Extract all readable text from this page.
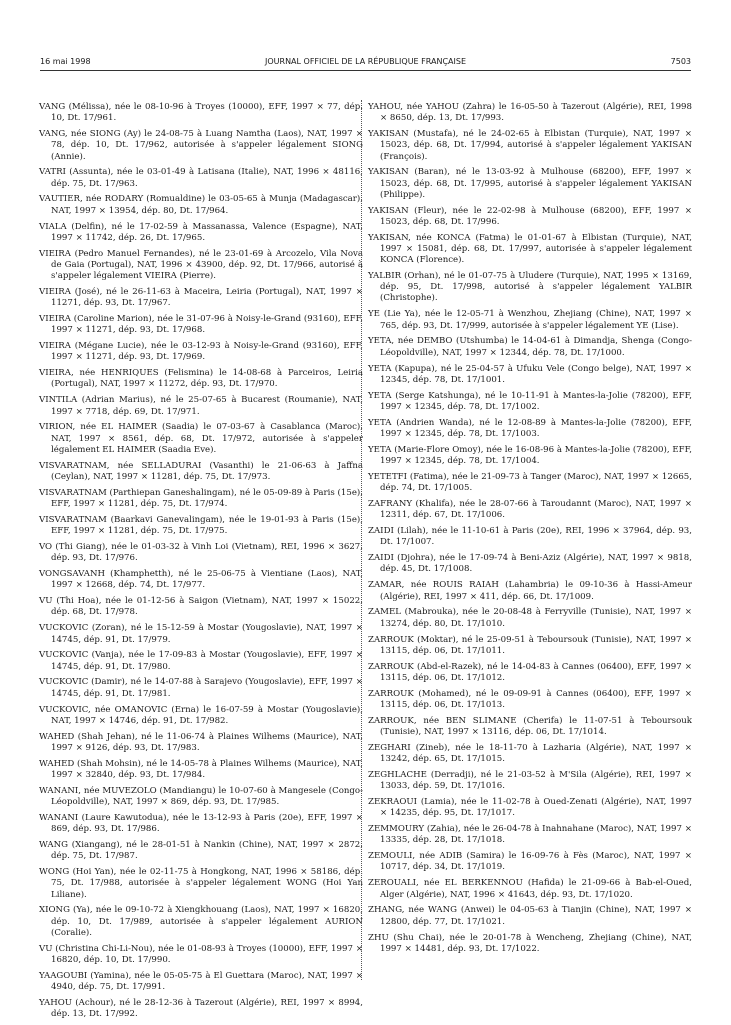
16 mai 1998	JOURNAL OFFICIEL DE LA RÉPUBLIQUE FRANÇAISE	7503

VANG (Mélissa), née le 08-10-96 à Troyes (10000), EFF, 1997 × 77, dép. 10, Dt. 17/961.

VANG, née SIONG (Ay) le 24-08-75 à Luang Namtha (Laos), NAT, 1997 × 78, dép. 10, Dt. 17/962, autorisée à s'appeler légalement SIONG (Annie).

VATRI (Assunta), née le 03-01-49 à Latisana (Italie), NAT, 1996 × 48116, dép. 75, Dt. 17/963.

VAUTIER, née RODARY (Romualdine) le 03-05-65 à Munja (Madagascar), NAT, 1997 × 13954, dép. 80, Dt. 17/964.

VIALA (Delfin), né le 17-02-59 à Massanassa, Valence (Espagne), NAT, 1997 × 11742, dép. 26, Dt. 17/965.

VIEIRA (Pedro Manuel Fernandes), né le 23-01-69 à Arcozelo, Vila Nova de Gaia (Portugal), NAT, 1996 × 43900, dép. 92, Dt. 17/966, autorisé à s'appeler légalement VIEIRA (Pierre).

VIEIRA (José), né le 26-11-63 à Maceira, Leiria (Portugal), NAT, 1997 × 11271, dép. 93, Dt. 17/967.

VIEIRA (Caroline Marion), née le 31-07-96 à Noisy-le-Grand (93160), EFF, 1997 × 11271, dép. 93, Dt. 17/968.

VIEIRA (Mégane Lucie), née le 03-12-93 à Noisy-le-Grand (93160), EFF, 1997 × 11271, dép. 93, Dt. 17/969.

VIEIRA, née HENRIQUES (Felismina) le 14-08-68 à Parceiros, Leiria (Portugal), NAT, 1997 × 11272, dép. 93, Dt. 17/970.

VINTILA (Adrian Marius), né le 25-07-65 à Bucarest (Roumanie), NAT, 1997 × 7718, dép. 69, Dt. 17/971.

VIRION, née EL HAIMER (Saadia) le 07-03-67 à Casablanca (Maroc), NAT, 1997 × 8561, dép. 68, Dt. 17/972, autorisée à s'appeler légalement EL HAIMER (Saadia Eve).

VISVARATNAM, née SELLADURAI (Vasanthi) le 21-06-63 à Jaffna (Ceylan), NAT, 1997 × 11281, dép. 75, Dt. 17/973.

VISVARATNAM (Parthiepan Ganeshalingam), né le 05-09-89 à Paris (15e), EFF, 1997 × 11281, dép. 75, Dt. 17/974.

VISVARATNAM (Baarkavi Ganevalingam), née le 19-01-93 à Paris (15e), EFF, 1997 × 11281, dép. 75, Dt. 17/975.

VO (Thi Giang), née le 01-03-32 à Vinh Loi (Vietnam), REI, 1996 × 3627, dép. 93, Dt. 17/976.

VONGSAVANH (Khamphetth), né le 25-06-75 à Vientiane (Laos), NAT, 1997 × 12668, dép. 74, Dt. 17/977.

VU (Thi Hoa), née le 01-12-56 à Saigon (Vietnam), NAT, 1997 × 15022, dép. 68, Dt. 17/978.

VUCKOVIC (Zoran), né le 15-12-59 à Mostar (Yougoslavie), NAT, 1997 × 14745, dép. 91, Dt. 17/979.

VUCKOVIC (Vanja), née le 17-09-83 à Mostar (Yougoslavie), EFF, 1997 × 14745, dép. 91, Dt. 17/980.

VUCKOVIC (Damir), né le 14-07-88 à Sarajevo (Yougoslavie), EFF, 1997 × 14745, dép. 91, Dt. 17/981.

VUCKOVIC, née OMANOVIC (Erna) le 16-07-59 à Mostar (Yougoslavie), NAT, 1997 × 14746, dép. 91, Dt. 17/982.

WAHED (Shah Jehan), né le 11-06-74 à Plaines Wilhems (Maurice), NAT, 1997 × 9126, dép. 93, Dt. 17/983.

WAHED (Shah Mohsin), né le 14-05-78 à Plaines Wilhems (Maurice), NAT, 1997 × 32840, dép. 93, Dt. 17/984.

WANANI, née MUVEZOLO (Mandiangu) le 10-07-60 à Mangesele (Congo-Léopoldville), NAT, 1997 × 869, dép. 93, Dt. 17/985.

WANANI (Laure Kawutodua), née le 13-12-93 à Paris (20e), EFF, 1997 × 869, dép. 93, Dt. 17/986.

WANG (Xiangang), né le 28-01-51 à Nankin (Chine), NAT, 1997 × 2872, dép. 75, Dt. 17/987.

WONG (Hoi Yan), née le 02-11-75 à Hongkong, NAT, 1996 × 58186, dép. 75, Dt. 17/988, autorisée à s'appeler légalement WONG (Hoi Yan Liliane).

XIONG (Ya), née le 09-10-72 à Xiengkhouang (Laos), NAT, 1997 × 16820, dép. 10, Dt. 17/989, autorisée à s'appeler légalement AURION (Coralie).

VU (Christina Chi-Li-Nou), née le 01-08-93 à Troyes (10000), EFF, 1997 × 16820, dép. 10, Dt. 17/990.

YAAGOUBI (Yamina), née le 05-05-75 à El Guettara (Maroc), NAT, 1997 × 4940, dép. 75, Dt. 17/991.

YAHOU (Achour), né le 28-12-36 à Tazerout (Algérie), REI, 1997 × 8994, dép. 13, Dt. 17/992.

YAHOU, née YAHOU (Zahra) le 16-05-50 à Tazerout (Algérie), REI, 1998 × 8650, dép. 13, Dt. 17/993.

YAKISAN (Mustafa), né le 24-02-65 à Elbistan (Turquie), NAT, 1997 × 15023, dép. 68, Dt. 17/994, autorisé à s'appeler légalement YAKISAN (François).

YAKISAN (Baran), né le 13-03-92 à Mulhouse (68200), EFF, 1997 × 15023, dép. 68, Dt. 17/995, autorisé à s'appeler légalement YAKISAN (Philippe).

YAKISAN (Fleur), née le 22-02-98 à Mulhouse (68200), EFF, 1997 × 15023, dép. 68, Dt. 17/996.

YAKISAN, née KONCA (Fatma) le 01-01-67 à Elbistan (Turquie), NAT, 1997 × 15081, dép. 68, Dt. 17/997, autorisée à s'appeler légalement KONCA (Florence).

YALBIR (Orhan), né le 01-07-75 à Uludere (Turquie), NAT, 1995 × 13169, dép. 95, Dt. 17/998, autorisé à s'appeler légalement YALBIR (Christophe).

YE (Lie Ya), née le 12-05-71 à Wenzhou, Zhejiang (Chine), NAT, 1997 × 765, dép. 93, Dt. 17/999, autorisée à s'appeler légalement YE (Lise).

YETA, née DEMBO (Utshumba) le 14-04-61 à Dimandja, Shenga (Congo-Léopoldville), NAT, 1997 × 12344, dép. 78, Dt. 17/1000.

YETA (Kapupa), né le 25-04-57 à Ufuku Vele (Congo belge), NAT, 1997 × 12345, dép. 78, Dt. 17/1001.

YETA (Serge Katshunga), né le 10-11-91 à Mantes-la-Jolie (78200), EFF, 1997 × 12345, dép. 78, Dt. 17/1002.

YETA (Andrien Wanda), né le 12-08-89 à Mantes-la-Jolie (78200), EFF, 1997 × 12345, dép. 78, Dt. 17/1003.

YETA (Marie-Flore Omoy), née le 16-08-96 à Mantes-la-Jolie (78200), EFF, 1997 × 12345, dép. 78, Dt. 17/1004.

YETETFI (Fatima), née le 21-09-73 à Tanger (Maroc), NAT, 1997 × 12665, dép. 74, Dt. 17/1005.

ZAFRANY (Khalifa), née le 28-07-66 à Taroudannt (Maroc), NAT, 1997 × 12311, dép. 67, Dt. 17/1006.

ZAIDI (Lilah), née le 11-10-61 à Paris (20e), REI, 1996 × 37964, dép. 93, Dt. 17/1007.

ZAIDI (Djohra), née le 17-09-74 à Beni-Aziz (Algérie), NAT, 1997 × 9818, dép. 45, Dt. 17/1008.

ZAMAR, née ROUIS RAIAH (Lahambria) le 09-10-36 à Hassi-Ameur (Algérie), REI, 1997 × 411, dép. 66, Dt. 17/1009.

ZAMEL (Mabrouka), née le 20-08-48 à Ferryville (Tunisie), NAT, 1997 × 13274, dép. 80, Dt. 17/1010.

ZARROUK (Moktar), né le 25-09-51 à Teboursouk (Tunisie), NAT, 1997 × 13115, dép. 06, Dt. 17/1011.

ZARROUK (Abd-el-Razek), né le 14-04-83 à Cannes (06400), EFF, 1997 × 13115, dép. 06, Dt. 17/1012.

ZARROUK (Mohamed), né le 09-09-91 à Cannes (06400), EFF, 1997 × 13115, dép. 06, Dt. 17/1013.

ZARROUK, née BEN SLIMANE (Cherifa) le 11-07-51 à Teboursouk (Tunisie), NAT, 1997 × 13116, dép. 06, Dt. 17/1014.

ZEGHARI (Zineb), née le 18-11-70 à Lazharia (Algérie), NAT, 1997 × 13242, dép. 65, Dt. 17/1015.

ZEGHLACHE (Derradji), né le 21-03-52 à M'Sila (Algérie), REI, 1997 × 13033, dép. 59, Dt. 17/1016.

ZEKRAOUI (Lamia), née le 11-02-78 à Oued-Zenati (Algérie), NAT, 1997 × 14235, dép. 95, Dt. 17/1017.

ZEMMOURY (Zahia), née le 26-04-78 à Inahnahane (Maroc), NAT, 1997 × 13335, dép. 28, Dt. 17/1018.

ZEMOULI, née ADIB (Samira) le 16-09-76 à Fès (Maroc), NAT, 1997 × 10717, dép. 34, Dt. 17/1019.

ZEROUALI, née EL BERKENNOU (Hafida) le 21-09-66 à Bab-el-Oued, Alger (Algérie), NAT, 1996 × 41643, dép. 93, Dt. 17/1020.

ZHANG, née WANG (Anwei) le 04-05-63 à Tianjin (Chine), NAT, 1997 × 12800, dép. 77, Dt. 17/1021.

ZHU (Shu Chai), née le 20-01-78 à Wencheng, Zhejiang (Chine), NAT, 1997 × 14481, dép. 93, Dt. 17/1022.
